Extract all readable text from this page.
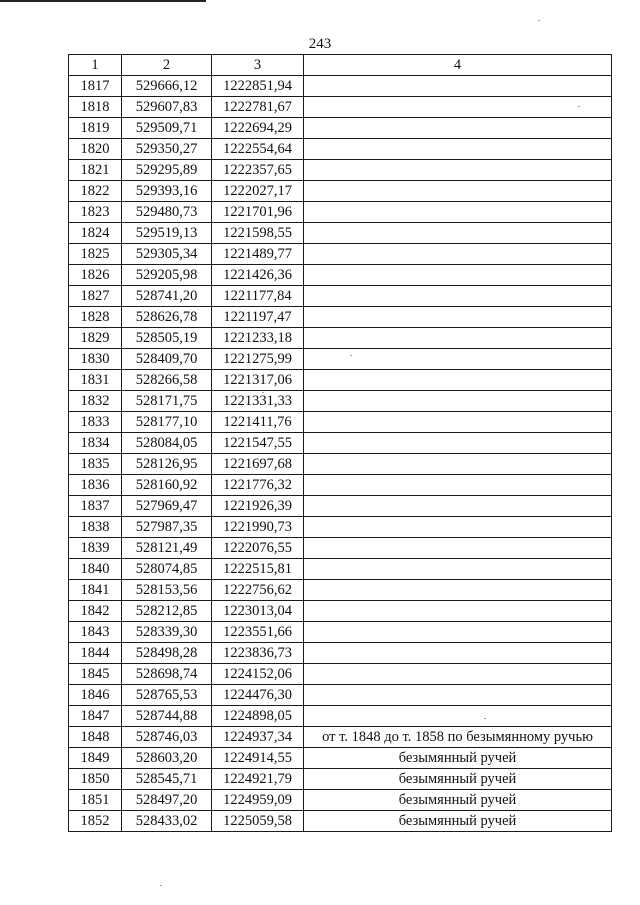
243
1	2	3	4
1817	529666,12	1222851,94	
1818	529607,83	1222781,67	
1819	529509,71	1222694,29	
1820	529350,27	1222554,64	
1821	529295,89	1222357,65	
1822	529393,16	1222027,17	
1823	529480,73	1221701,96	
1824	529519,13	1221598,55	
1825	529305,34	1221489,77	
1826	529205,98	1221426,36	
1827	528741,20	1221177,84	
1828	528626,78	1221197,47	
1829	528505,19	1221233,18	
1830	528409,70	1221275,99	
1831	528266,58	1221317,06	
1832	528171,75	1221331,33	
1833	528177,10	1221411,76	
1834	528084,05	1221547,55	
1835	528126,95	1221697,68	
1836	528160,92	1221776,32	
1837	527969,47	1221926,39	
1838	527987,35	1221990,73	
1839	528121,49	1222076,55	
1840	528074,85	1222515,81	
1841	528153,56	1222756,62	
1842	528212,85	1223013,04	
1843	528339,30	1223551,66	
1844	528498,28	1223836,73	
1845	528698,74	1224152,06	
1846	528765,53	1224476,30	
1847	528744,88	1224898,05	
1848	528746,03	1224937,34	от т. 1848 до т. 1858 по безымянному ручью
1849	528603,20	1224914,55	безымянный ручей
1850	528545,71	1224921,79	безымянный ручей
1851	528497,20	1224959,09	безымянный ручей
1852	528433,02	1225059,58	безымянный ручей
